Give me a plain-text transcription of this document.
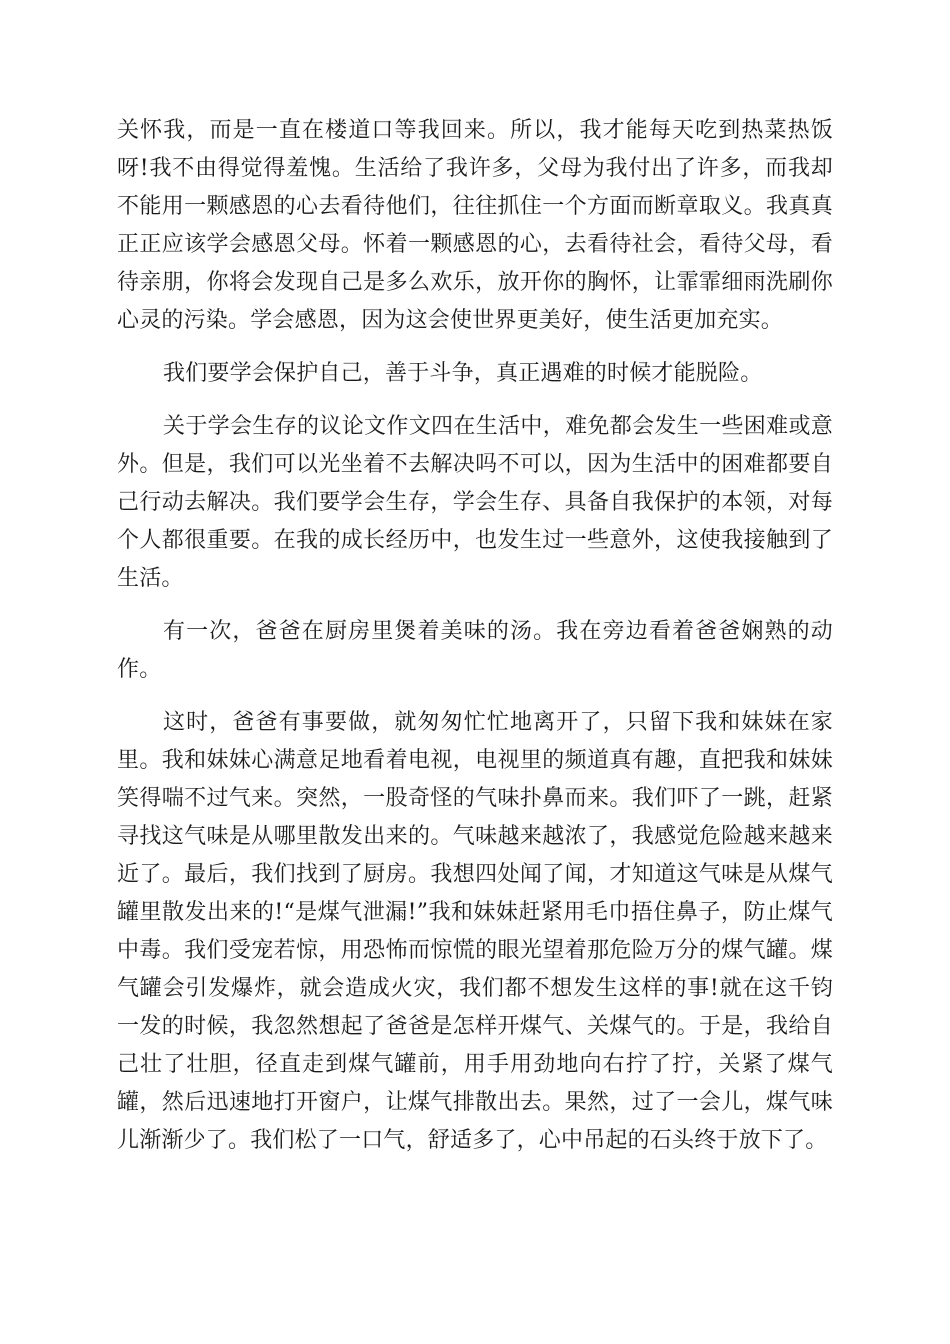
关怀我，而是一直在楼道口等我回来。所以，我才能每天吃到热菜热饭呀!我不由得觉得羞愧。生活给了我许多，父母为我付出了许多，而我却不能用一颗感恩的心去看待他们，往往抓住一个方面而断章取义。我真真正正应该学会感恩父母。怀着一颗感恩的心，去看待社会，看待父母，看待亲朋，你将会发现自己是多么欢乐，放开你的胸怀，让霏霏细雨洗刷你心灵的污染。学会感恩，因为这会使世界更美好，使生活更加充实。

我们要学会保护自己，善于斗争，真正遇难的时候才能脱险。

关于学会生存的议论文作文四在生活中，难免都会发生一些困难或意外。但是，我们可以光坐着不去解决吗不可以，因为生活中的困难都要自己行动去解决。我们要学会生存，学会生存、具备自我保护的本领，对每个人都很重要。在我的成长经历中，也发生过一些意外，这使我接触到了生活。

有一次，爸爸在厨房里煲着美味的汤。我在旁边看着爸爸娴熟的动作。

这时，爸爸有事要做，就匆匆忙忙地离开了，只留下我和妹妹在家里。我和妹妹心满意足地看着电视，电视里的频道真有趣，直把我和妹妹笑得喘不过气来。突然，一股奇怪的气味扑鼻而来。我们吓了一跳，赶紧寻找这气味是从哪里散发出来的。气味越来越浓了，我感觉危险越来越来近了。最后，我们找到了厨房。我想四处闻了闻，才知道这气味是从煤气罐里散发出来的!“是煤气泄漏!”我和妹妹赶紧用毛巾捂住鼻子，防止煤气中毒。我们受宠若惊，用恐怖而惊慌的眼光望着那危险万分的煤气罐。煤气罐会引发爆炸，就会造成火灾，我们都不想发生这样的事!就在这千钧一发的时候，我忽然想起了爸爸是怎样开煤气、关煤气的。于是，我给自己壮了壮胆，径直走到煤气罐前，用手用劲地向右拧了拧，关紧了煤气罐，然后迅速地打开窗户，让煤气排散出去。果然，过了一会儿，煤气味儿渐渐少了。我们松了一口气，舒适多了，心中吊起的石头终于放下了。
